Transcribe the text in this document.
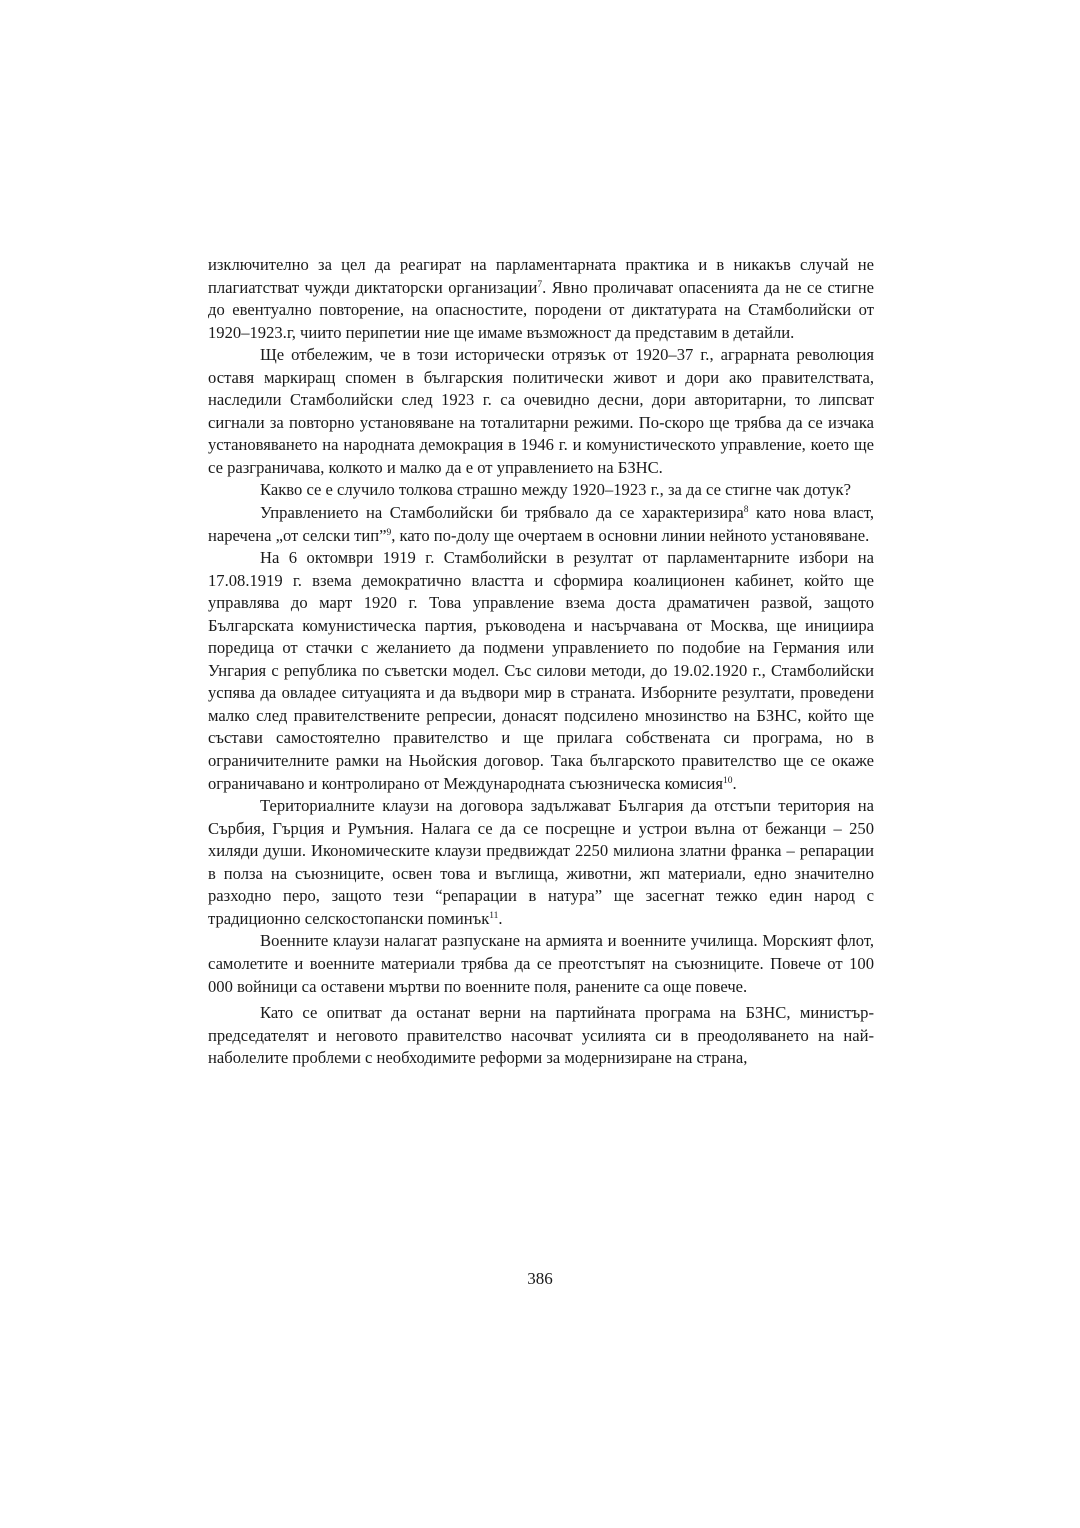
изключително за цел да реагират на парламентарната практика и в никакъв случай не плагиатстват чужди диктаторски организации$^7$. Явно проличават опасенията да не се стигне до евентуално повторение, на опасностите, породени от диктатурата на Стамболийски от 1920–1923.г, чиито перипетии ние ще имаме възможност да представим в детайли.

Ще отбележим, че в този исторически отрязък от 1920–37 г., аграрната революция оставя маркиращ спомен в българския политически живот и дори ако правителствата, наследили Стамболийски след 1923 г. са очевидно десни, дори авторитарни, то липсват сигнали за повторно установяване на тоталитарни режими. По-скоро ще трябва да се изчака установяването на народната демокрация в 1946 г. и комунистическото управление, което ще се разграничава, колкото и малко да е от управлението на БЗНС.

Какво се е случило толкова страшно между 1920–1923 г., за да се стигне чак дотук?

Управлението на Стамболийски би трябвало да се характеризира$^8$ като нова власт, наречена „от селски тип”$^9$, като по-долу ще очертаем в основни линии нейното установяване.

На 6 октомври 1919 г. Стамболийски в резултат от парламентарните избори на 17.08.1919 г. взема демократично властта и сформира коалиционен кабинет, който ще управлява до март 1920 г. Това управление взема доста драматичен развой, защото Българската комунистическа партия, ръководена и насърчавана от Москва, ще инициира поредица от стачки с желанието да подмени управлението по подобие на Германия или Унгария с република по съветски модел. Със силови методи, до 19.02.1920 г., Стамболийски успява да овладее ситуацията и да въдвори мир в страната. Изборните резултати, проведени малко след правителствените репресии, донасят подсилено мнозинство на БЗНС, който ще състави самостоятелно правителство и ще прилага собствената си програма, но в ограничителните рамки на Ньойския договор. Така българското правителство ще се окаже ограничавано и контролирано от Международната съюзническа комисия$^{10}$.

Териториалните клаузи на договора задължават България да отстъпи територия на Сърбия, Гърция и Румъния. Налага се да се посрещне и устрои вълна от бежанци – 250 хиляди души. Икономическите клаузи предвиждат 2250 милиона златни франка – репарации в полза на съюзниците, освен това и въглища, животни, жп материали, едно значително разходно перо, защото тези “репарации в натура” ще засегнат тежко един народ с традиционно селскостопански поминък$^{11}$.

Военните клаузи налагат разпускане на армията и военните училища. Морският флот, самолетите и военните материали трябва да се преотстъпят на съюзниците. Повече от 100 000 войници са оставени мъртви по военните поля, ранените са още повече.

Като се опитват да останат верни на партийната програма на БЗНС, министър-председателят и неговото правителство насочват усилията си в преодоляването на най-наболелите проблеми с необходимите реформи за модернизиране на страна,

386
